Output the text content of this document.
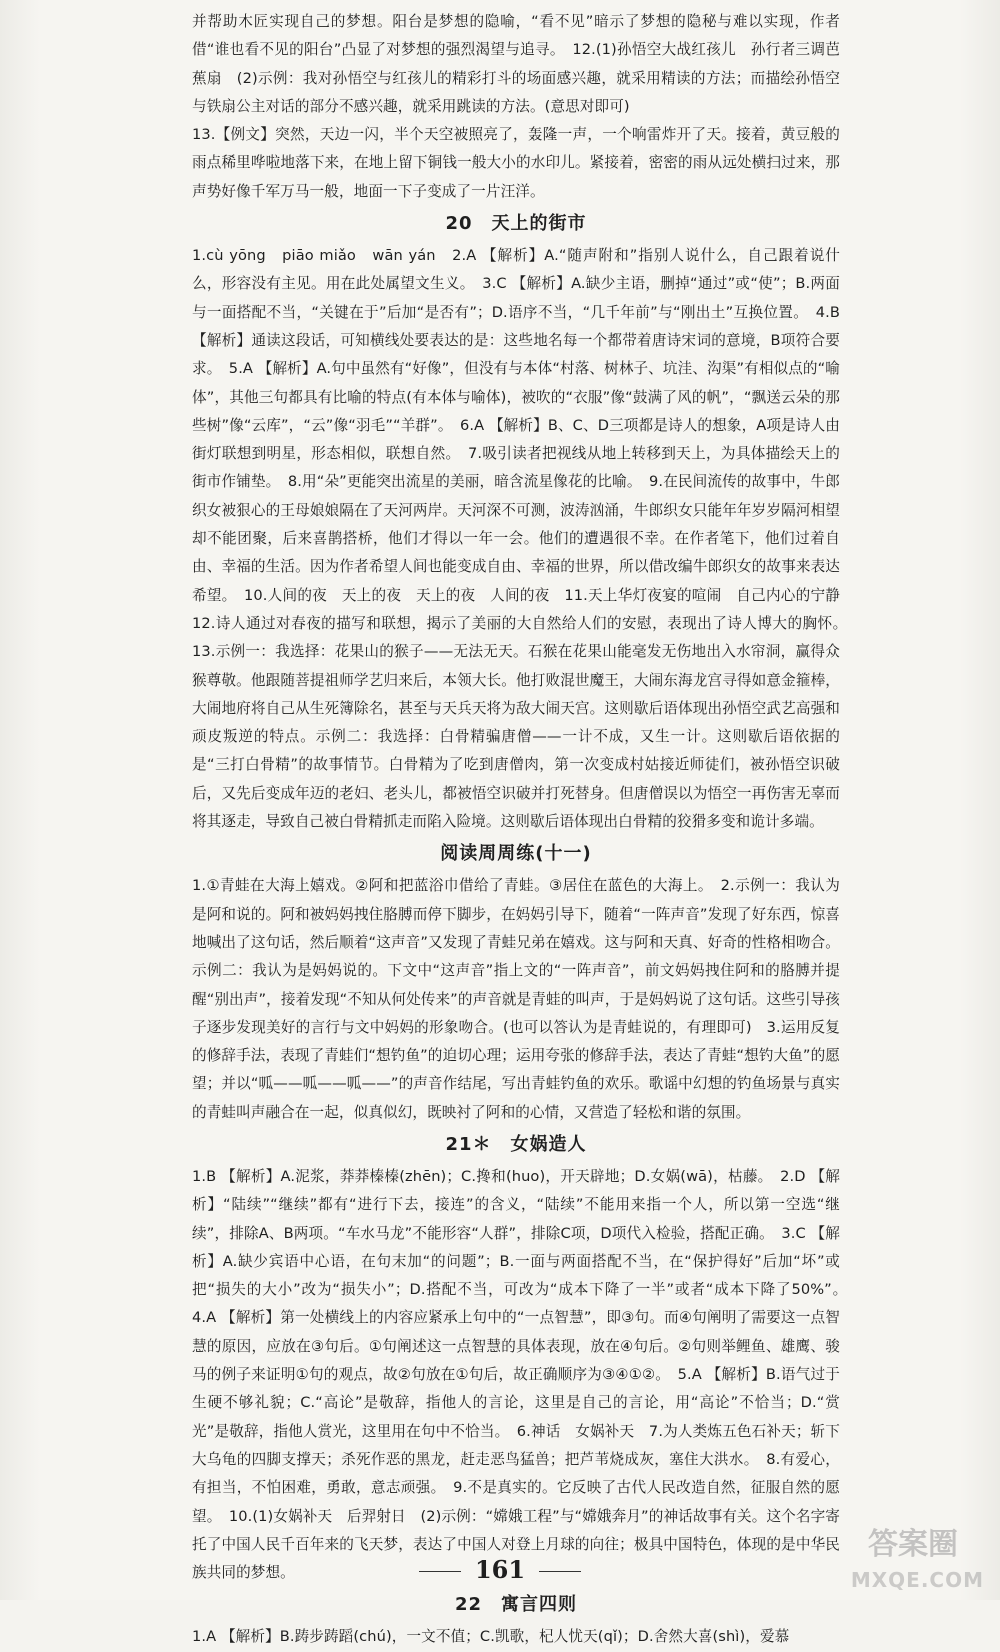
并帮助木匠实现自己的梦想。阳台是梦想的隐喻，“看不见”暗示了梦想的隐秘与难以实现，作者借“谁也看不见的阳台”凸显了对梦想的强烈渴望与追寻。　12.(1)孙悟空大战红孩儿　孙行者三调芭蕉扇　(2)示例：我对孙悟空与红孩儿的精彩打斗的场面感兴趣，就采用精读的方法；而描绘孙悟空与铁扇公主对话的部分不感兴趣，就采用跳读的方法。(意思对即可)

13.【例文】突然，天边一闪，半个天空被照亮了，轰隆一声，一个响雷炸开了天。接着，黄豆般的雨点稀里哗啦地落下来，在地上留下铜钱一般大小的水印儿。紧接着，密密的雨从远处横扫过来，那声势好像千军万马一般，地面一下子变成了一片汪洋。

20　天上的街市

1.cù yōng　piāo miǎo　wān yán　2.A 【解析】A.“随声附和”指别人说什么，自己跟着说什么，形容没有主见。用在此处属望文生义。　3.C 【解析】A.缺少主语，删掉“通过”或“使”；B.两面与一面搭配不当，“关键在于”后加“是否有”；D.语序不当，“几千年前”与“刚出土”互换位置。　4.B 【解析】通读这段话，可知横线处要表达的是：这些地名每一个都带着唐诗宋词的意境，B项符合要求。　5.A 【解析】A.句中虽然有“好像”，但没有与本体“村落、树林子、坑洼、沟渠”有相似点的“喻体”，其他三句都具有比喻的特点(有本体与喻体)，被吹的“衣服”像“鼓满了风的帆”，“飘送云朵的那些树”像“云库”，“云”像“羽毛”“羊群”。　6.A 【解析】B、C、D三项都是诗人的想象，A项是诗人由街灯联想到明星，形态相似，联想自然。　7.吸引读者把视线从地上转移到天上，为具体描绘天上的街市作铺垫。　8.用“朵”更能突出流星的美丽，暗含流星像花的比喻。　9.在民间流传的故事中，牛郎织女被狠心的王母娘娘隔在了天河两岸。天河深不可测，波涛汹涌，牛郎织女只能年年岁岁隔河相望却不能团聚，后来喜鹊搭桥，他们才得以一年一会。他们的遭遇很不幸。在作者笔下，他们过着自由、幸福的生活。因为作者希望人间也能变成自由、幸福的世界，所以借改编牛郎织女的故事来表达希望。　10.人间的夜　天上的夜　天上的夜　人间的夜　11.天上华灯夜宴的喧闹　自己内心的宁静　12.诗人通过对春夜的描写和联想，揭示了美丽的大自然给人们的安慰，表现出了诗人博大的胸怀。　13.示例一：我选择：花果山的猴子——无法无天。石猴在花果山能毫发无伤地出入水帘洞，赢得众猴尊敬。他跟随菩提祖师学艺归来后，本领大长。他打败混世魔王，大闹东海龙宫寻得如意金箍棒，大闹地府将自己从生死簿除名，甚至与天兵天将为敌大闹天宫。这则歇后语体现出孙悟空武艺高强和顽皮叛逆的特点。示例二：我选择：白骨精骗唐僧——一计不成，又生一计。这则歇后语依据的是“三打白骨精”的故事情节。白骨精为了吃到唐僧肉，第一次变成村姑接近师徒们，被孙悟空识破后，又先后变成年迈的老妇、老头儿，都被悟空识破并打死替身。但唐僧误以为悟空一再伤害无辜而将其逐走，导致自己被白骨精抓走而陷入险境。这则歇后语体现出白骨精的狡猾多变和诡计多端。

阅读周周练(十一)

1.①青蛙在大海上嬉戏。②阿和把蓝浴巾借给了青蛙。③居住在蓝色的大海上。　2.示例一：我认为是阿和说的。阿和被妈妈拽住胳膊而停下脚步，在妈妈引导下，随着“一阵声音”发现了好东西，惊喜地喊出了这句话，然后顺着“这声音”又发现了青蛙兄弟在嬉戏。这与阿和天真、好奇的性格相吻合。示例二：我认为是妈妈说的。下文中“这声音”指上文的“一阵声音”，前文妈妈拽住阿和的胳膊并提醒“别出声”，接着发现“不知从何处传来”的声音就是青蛙的叫声，于是妈妈说了这句话。这些引导孩子逐步发现美好的言行与文中妈妈的形象吻合。(也可以答认为是青蛙说的，有理即可)　3.运用反复的修辞手法，表现了青蛙们“想钓鱼”的迫切心理；运用夸张的修辞手法，表达了青蛙“想钓大鱼”的愿望；并以“呱——呱——呱——”的声音作结尾，写出青蛙钓鱼的欢乐。歌谣中幻想的钓鱼场景与真实的青蛙叫声融合在一起，似真似幻，既映衬了阿和的心情，又营造了轻松和谐的氛围。

21＊　女娲造人

1.B 【解析】A.泥浆，莽莽榛榛(zhēn)；C.搀和(huo)，开天辟地；D.女娲(wā)，枯藤。　2.D 【解析】“陆续”“继续”都有“进行下去，接连”的含义，“陆续”不能用来指一个人，所以第一空选“继续”，排除A、B两项。“车水马龙”不能形容“人群”，排除C项，D项代入检验，搭配正确。　3.C 【解析】A.缺少宾语中心语，在句末加“的问题”；B.一面与两面搭配不当，在“保护得好”后加“坏”或把“损失的大小”改为“损失小”；D.搭配不当，可改为“成本下降了一半”或者“成本下降了50%”。　4.A 【解析】第一处横线上的内容应紧承上句中的“一点智慧”，即③句。而④句阐明了需要这一点智慧的原因，应放在③句后。①句阐述这一点智慧的具体表现，放在④句后。②句则举鲤鱼、雄鹰、骏马的例子来证明①句的观点，故②句放在①句后，故正确顺序为③④①②。　5.A 【解析】B.语气过于生硬不够礼貌；C.“高论”是敬辞，指他人的言论，这里是自己的言论，用“高论”不恰当；D.“赏光”是敬辞，指他人赏光，这里用在句中不恰当。　6.神话　女娲补天　7.为人类炼五色石补天；斩下大乌龟的四脚支撑天；杀死作恶的黑龙，赶走恶鸟猛兽；把芦苇烧成灰，塞住大洪水。　8.有爱心，有担当，不怕困难，勇敢，意志顽强。　9.不是真实的。它反映了古代人民改造自然，征服自然的愿望。　10.(1)女娲补天　后羿射日　(2)示例：“嫦娥工程”与“嫦娥奔月”的神话故事有关。这个名字寄托了中国人民千百年来的飞天梦，表达了中国人对登上月球的向往；极具中国特色，体现的是中华民族共同的梦想。

22　寓言四则

1.A 【解析】B.踌步踌蹈(chú)，一文不值；C.凯歌，杞人忧天(qǐ)；D.舍然大喜(shì)，爱慕

161
答案圈
MXQE.COM
